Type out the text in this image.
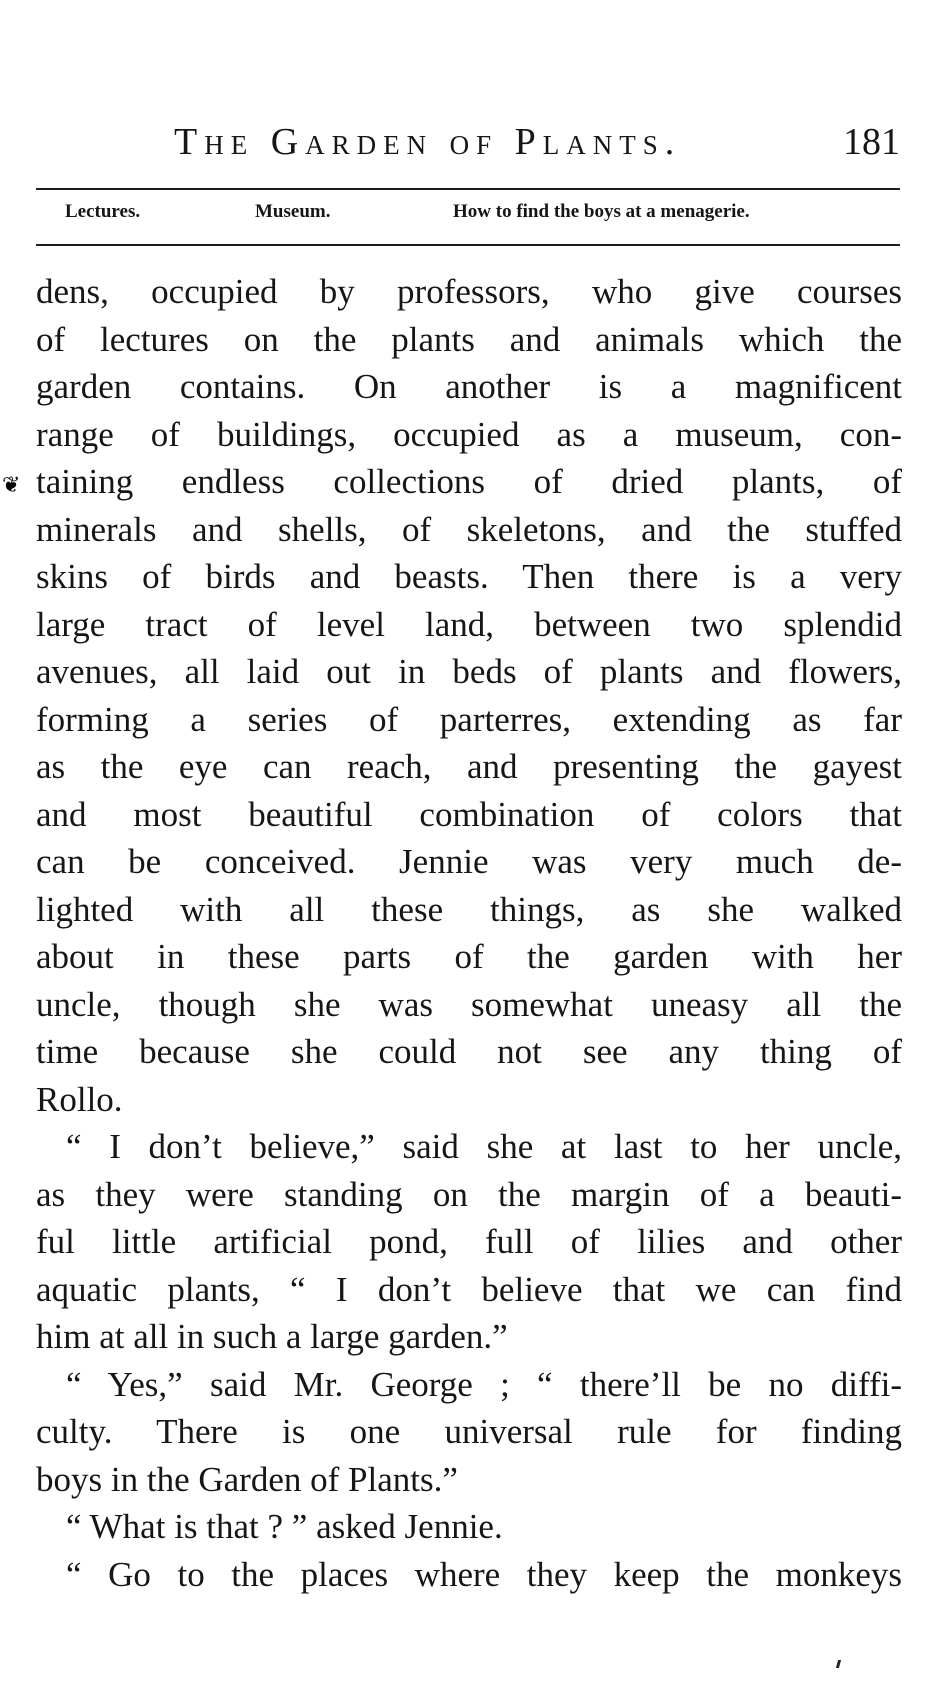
The Garden of Plants.	181
Lectures.	Museum.	How to find the boys at a menagerie.
❦
dens, occupied by professors, who give courses
of lectures on the plants and animals which the
garden contains. On another is a magnificent
range of buildings, occupied as a museum, con-
taining endless collections of dried plants, of
minerals and shells, of skeletons, and the stuffed
skins of birds and beasts. Then there is a very
large tract of level land, between two splendid
avenues, all laid out in beds of plants and flowers,
forming a series of parterres, extending as far
as the eye can reach, and presenting the gayest
and most beautiful combination of colors that
can be conceived. Jennie was very much de-
lighted with all these things, as she walked
about in these parts of the garden with her
uncle, though she was somewhat uneasy all the
time because she could not see any thing of
Rollo.
“ I don’t believe,” said she at last to her uncle,
as they were standing on the margin of a beauti-
ful little artificial pond, full of lilies and other
aquatic plants, “ I don’t believe that we can find
him at all in such a large garden.”
“ Yes,” said Mr. George ; “ there’ll be no diffi-
culty. There is one universal rule for finding
boys in the Garden of Plants.”
“ What is that ? ” asked Jennie.
“ Go to the places where they keep the monkeys
